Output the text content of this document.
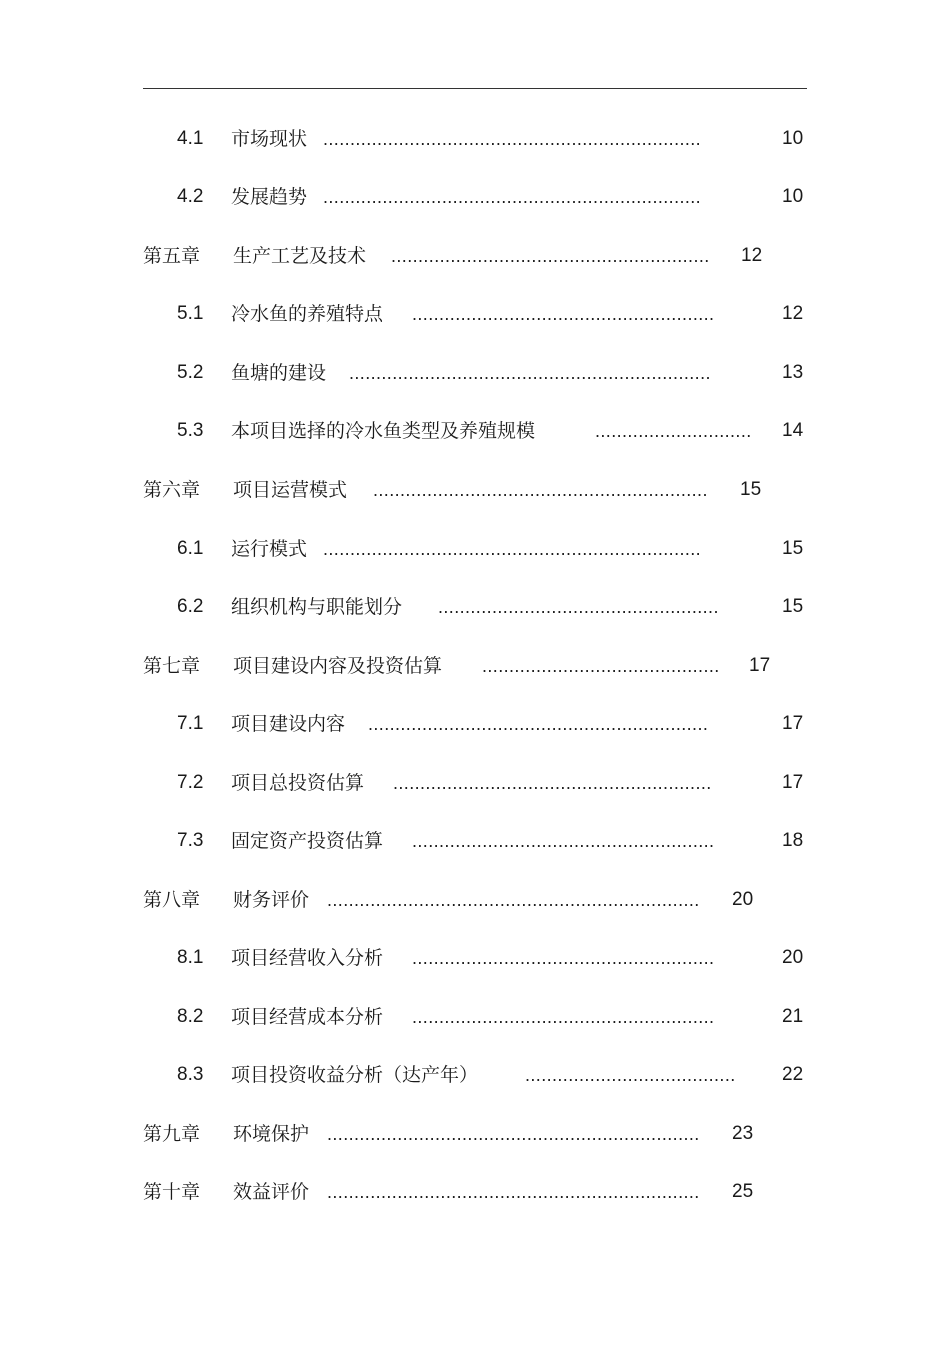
4.1 市场现状 ......................................................................	10
4.2 发展趋势 ......................................................................	10
第五章 生产工艺及技术 ...........................................................	12
5.1 冷水鱼的养殖特点 ........................................................	12
5.2 鱼塘的建设 ...................................................................	13
5.3 本项目选择的冷水鱼类型及养殖规模	.............................	14
第六章 项目运营模式 ..............................................................	15
6.1 运行模式 ......................................................................	15
6.2 组织机构与职能划分 ....................................................	15
第七章 项目建设内容及投资估算 ............................................	17
7.1 项目建设内容 ...............................................................	17
7.2 项目总投资估算 ...........................................................	17
7.3 固定资产投资估算 ........................................................	18
第八章 财务评价 .....................................................................	20
8.1 项目经营收入分析 ........................................................	20
8.2 项目经营成本分析 ........................................................	21
8.3 项目投资收益分析（达产年）	.......................................	22
第九章 环境保护 .....................................................................	23
第十章 效益评价 .....................................................................	25
